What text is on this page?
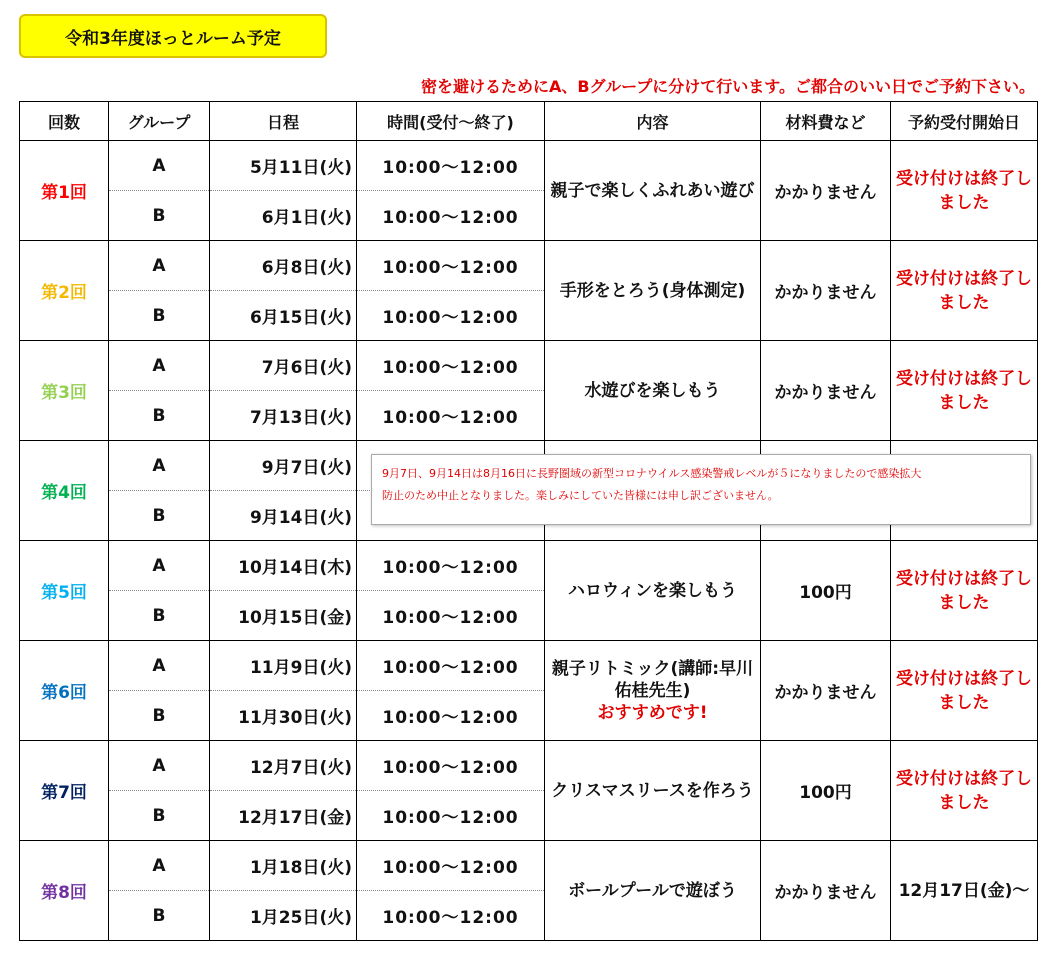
令和3年度ほっとルーム予定
密を避けるためにA、Bグループに分けて行います。ご都合のいい日でご予約下さい。
回数	グループ	日程	時間(受付～終了)	内容	材料費など	予約受付開始日
第1回	A	5月11日(火)	10:00～12:00	親子で楽しくふれあい遊び	かかりません	受け付けは終了しました
	B	6月1日(火)	10:00～12:00			
第2回	A	6月8日(火)	10:00～12:00	手形をとろう(身体測定)	かかりません	受け付けは終了しました
	B	6月15日(火)	10:00～12:00			
第3回	A	7月6日(火)	10:00～12:00	水遊びを楽しもう	かかりません	受け付けは終了しました
	B	7月13日(火)	10:00～12:00			
第4回	A	9月7日(火)				
	B	9月14日(火)				
第5回	A	10月14日(木)	10:00～12:00	ハロウィンを楽しもう	100円	受け付けは終了しました
	B	10月15日(金)	10:00～12:00			
第6回	A	11月9日(火)	10:00～12:00	親子リトミック(講師:早川佑桂先生)
おすすめです!	かかりません	受け付けは終了しました
	B	11月30日(火)	10:00～12:00			
第7回	A	12月7日(火)	10:00～12:00	クリスマスリースを作ろう	100円	受け付けは終了しました
	B	12月17日(金)	10:00～12:00			
第8回	A	1月18日(火)	10:00～12:00	ボールプールで遊ぼう	かかりません	12月17日(金)～
	B	1月25日(火)	10:00～12:00			
9月7日、9月14日は8月16日に長野圏域の新型コロナウイルス感染警戒レベルが５になりましたので感染拡大
防止のため中止となりました。楽しみにしていた皆様には申し訳ございません。
